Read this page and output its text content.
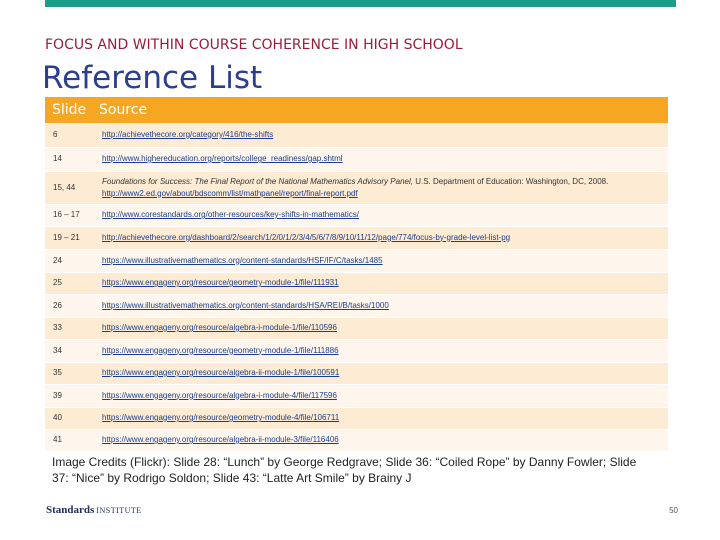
FOCUS AND WITHIN COURSE COHERENCE IN HIGH SCHOOL
Reference List
Slide	Source
6	http://achievethecore.org/category/416/the-shifts
14	http://www.highereducation.org/reports/college_readiness/gap.shtml
15, 44	Foundations for Success: The Final Report of the National Mathematics Advisory Panel, U.S. Department of Education: Washington, DC, 2008. http://www2.ed.gov/about/bdscomm/list/mathpanel/report/final-report.pdf
16 – 17	http://www.corestandards.org/other-resources/key-shifts-in-mathematics/
19 – 21	http://achievethecore.org/dashboard/2/search/1/2/0/1/2/3/4/5/6/7/8/9/10/11/12/page/774/focus-by-grade-level-list-pg
24	https://www.illustrativemathematics.org/content-standards/HSF/IF/C/tasks/1485
25	https://www.engageny.org/resource/geometry-module-1/file/111931
26	https://www.illustrativemathematics.org/content-standards/HSA/REI/B/tasks/1000
33	https://www.engageny.org/resource/algebra-i-module-1/file/110596
34	https://www.engageny.org/resource/geometry-module-1/file/111886
35	https://www.engageny.org/resource/algebra-ii-module-1/file/100591
39	https://www.engageny.org/resource/algebra-i-module-4/file/117596
40	https://www.engageny.org/resource/geometry-module-4/file/106711
41	https://www.engageny.org/resource/algebra-ii-module-3/file/116406
Image Credits (Flickr): Slide 28: “Lunch” by George Redgrave; Slide 36: “Coiled Rope” by Danny Fowler; Slide 37: “Nice” by Rodrigo Soldon; Slide 43: “Latte Art Smile” by Brainy J
Standards INSTITUTE	50
